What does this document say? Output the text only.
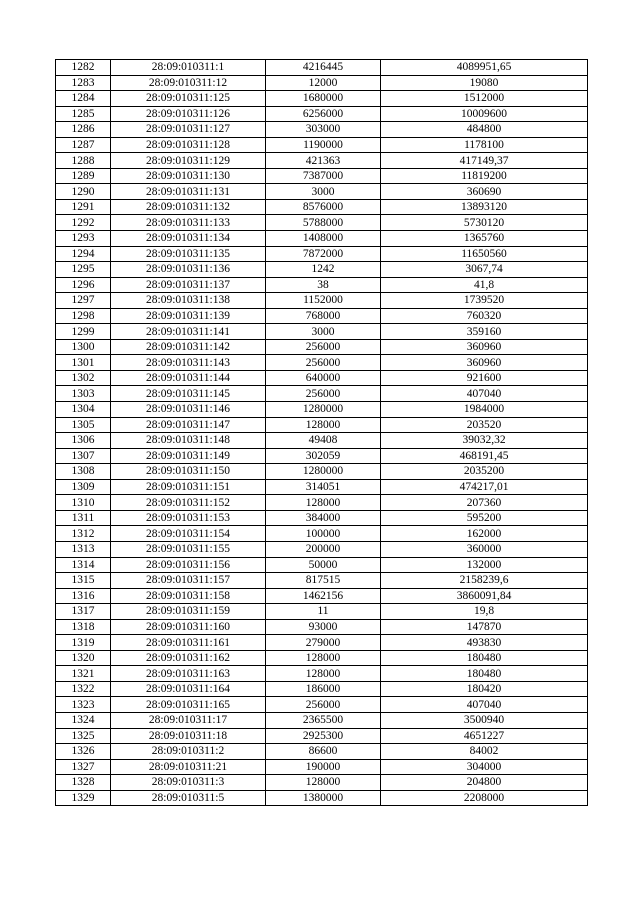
1282	28:09:010311:1	4216445	4089951,65
1283	28:09:010311:12	12000	19080
1284	28:09:010311:125	1680000	1512000
1285	28:09:010311:126	6256000	10009600
1286	28:09:010311:127	303000	484800
1287	28:09:010311:128	1190000	1178100
1288	28:09:010311:129	421363	417149,37
1289	28:09:010311:130	7387000	11819200
1290	28:09:010311:131	3000	360690
1291	28:09:010311:132	8576000	13893120
1292	28:09:010311:133	5788000	5730120
1293	28:09:010311:134	1408000	1365760
1294	28:09:010311:135	7872000	11650560
1295	28:09:010311:136	1242	3067,74
1296	28:09:010311:137	38	41,8
1297	28:09:010311:138	1152000	1739520
1298	28:09:010311:139	768000	760320
1299	28:09:010311:141	3000	359160
1300	28:09:010311:142	256000	360960
1301	28:09:010311:143	256000	360960
1302	28:09:010311:144	640000	921600
1303	28:09:010311:145	256000	407040
1304	28:09:010311:146	1280000	1984000
1305	28:09:010311:147	128000	203520
1306	28:09:010311:148	49408	39032,32
1307	28:09:010311:149	302059	468191,45
1308	28:09:010311:150	1280000	2035200
1309	28:09:010311:151	314051	474217,01
1310	28:09:010311:152	128000	207360
1311	28:09:010311:153	384000	595200
1312	28:09:010311:154	100000	162000
1313	28:09:010311:155	200000	360000
1314	28:09:010311:156	50000	132000
1315	28:09:010311:157	817515	2158239,6
1316	28:09:010311:158	1462156	3860091,84
1317	28:09:010311:159	11	19,8
1318	28:09:010311:160	93000	147870
1319	28:09:010311:161	279000	493830
1320	28:09:010311:162	128000	180480
1321	28:09:010311:163	128000	180480
1322	28:09:010311:164	186000	180420
1323	28:09:010311:165	256000	407040
1324	28:09:010311:17	2365500	3500940
1325	28:09:010311:18	2925300	4651227
1326	28:09:010311:2	86600	84002
1327	28:09:010311:21	190000	304000
1328	28:09:010311:3	128000	204800
1329	28:09:010311:5	1380000	2208000
